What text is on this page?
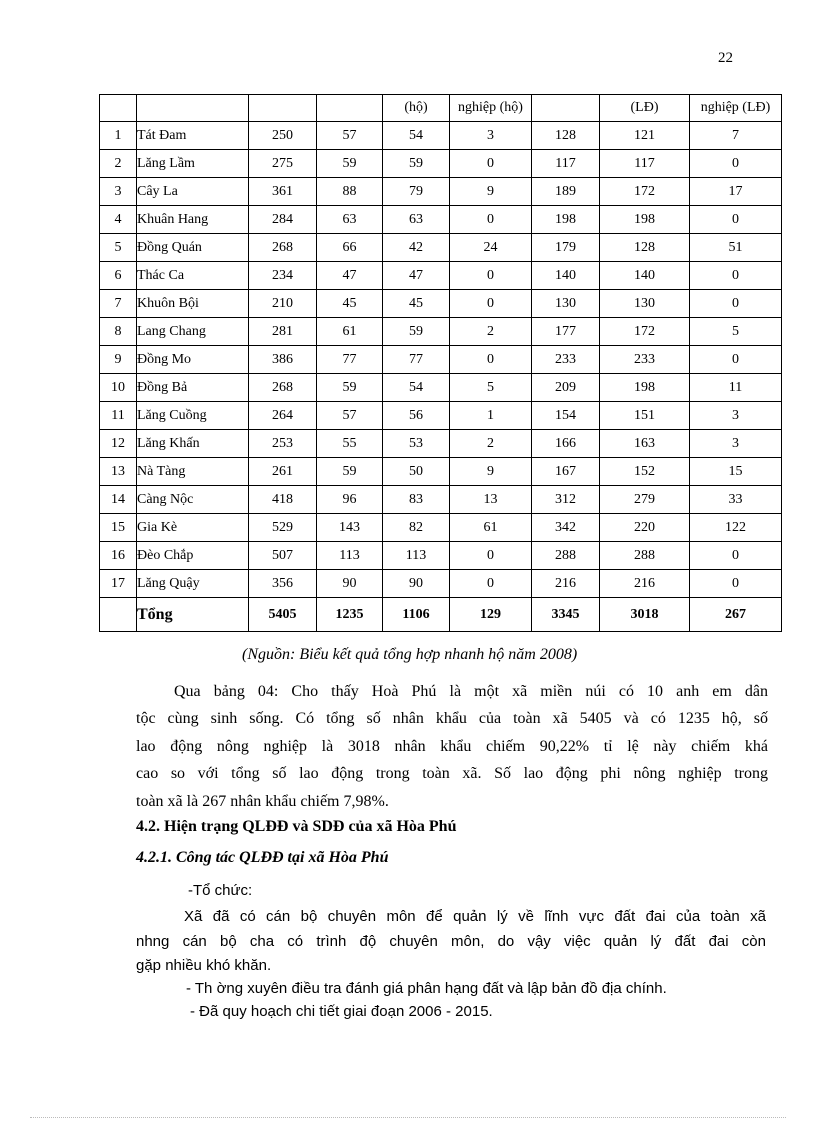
22
				(hộ)	nghiệp (hộ)		(LĐ)	nghiệp (LĐ)
1	Tát Đam	250	57	54	3	128	121	7
2	Lăng Lầm	275	59	59	0	117	117	0
3	Cây La	361	88	79	9	189	172	17
4	Khuân Hang	284	63	63	0	198	198	0
5	Đồng Quán	268	66	42	24	179	128	51
6	Thác Ca	234	47	47	0	140	140	0
7	Khuôn Bội	210	45	45	0	130	130	0
8	Lang Chang	281	61	59	2	177	172	5
9	Đồng Mo	386	77	77	0	233	233	0
10	Đồng Bả	268	59	54	5	209	198	11
11	Lăng Cuồng	264	57	56	1	154	151	3
12	Lăng Khấn	253	55	53	2	166	163	3
13	Nà Tàng	261	59	50	9	167	152	15
14	Càng Nộc	418	96	83	13	312	279	33
15	Gia Kè	529	143	82	61	342	220	122
16	Đèo Chắp	507	113	113	0	288	288	0
17	Lăng Quậy	356	90	90	0	216	216	0
	Tổng	5405	1235	1106	129	3345	3018	267
(Nguồn: Biểu kết quả tổng hợp nhanh hộ năm 2008)
Qua bảng 04: Cho thấy Hoà Phú là một xã miền núi có 10 anh em dân
tộc cùng sinh sống. Có tổng số nhân khẩu của toàn xã 5405 và có 1235 hộ, số
lao động nông nghiệp là 3018 nhân khẩu chiếm 90,22% tỉ lệ này chiếm khá
cao so với tổng số lao động trong toàn xã. Số lao động phi nông nghiệp trong
toàn xã là 267 nhân khẩu chiếm 7,98%.
4.2. Hiện trạng QLĐĐ và SDĐ của xã Hòa Phú
4.2.1. Công tác QLĐĐ tại xã Hòa Phú
-Tổ chức:
Xã đã có cán bộ chuyên môn để quản lý về lĩnh vực đất đai của toàn xã
nhng cán bộ cha có trình độ chuyên môn, do vậy việc quản lý đất đai còn
gặp nhiều khó khăn.
- Th ờng xuyên điều tra đánh giá phân hạng đất và lập bản đồ địa chính.
- Đã quy hoạch chi tiết giai đoạn 2006 - 2015.
